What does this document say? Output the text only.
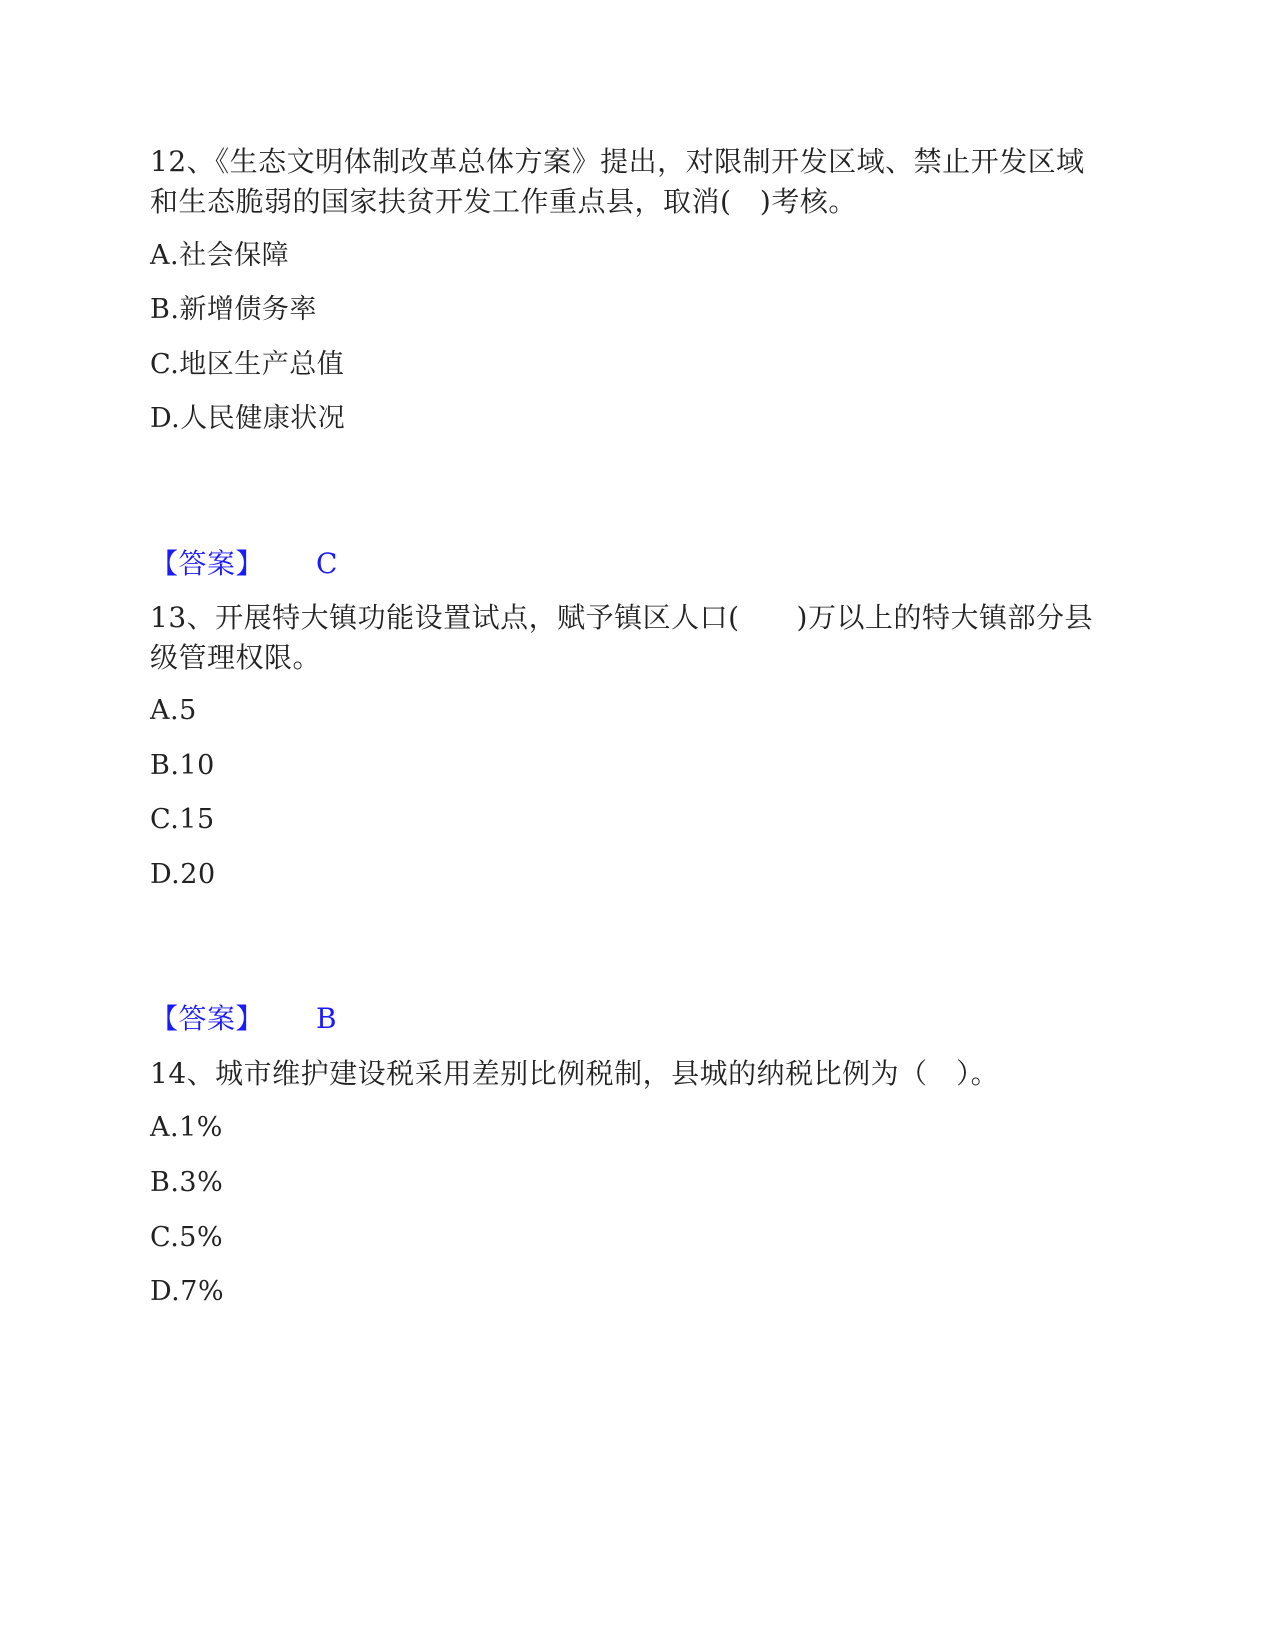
12、《生态文明体制改革总体方案》提出，对限制开发区域、禁止开发区域
和生态脆弱的国家扶贫开发工作重点县，取消(　)考核。
A.社会保障
B.新增债务率
C.地区生产总值
D.人民健康状况
【答案】 C
13、开展特大镇功能设置试点，赋予镇区人口(　　)万以上的特大镇部分县
级管理权限。
A.5
B.10
C.15
D.20
【答案】 B
14、城市维护建设税采用差别比例税制，县城的纳税比例为（　）。
A.1%
B.3%
C.5%
D.7%
